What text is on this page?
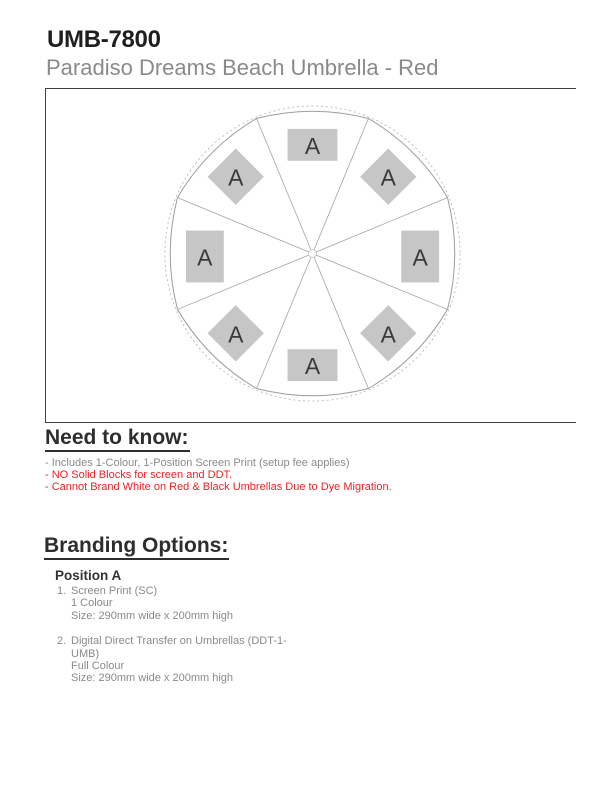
UMB-7800
Paradiso Dreams Beach Umbrella - Red
A
A
A
A
A
A
A
A
Need to know:
- Includes 1-Colour, 1-Position Screen Print (setup fee applies)
- NO Solid Blocks for screen and DDT.
- Cannot Brand White on Red & Black Umbrellas Due to Dye Migration.
Branding Options:
Position A
1. Screen Print (SC)
1 Colour
Size: 290mm wide x 200mm high
2. Digital Direct Transfer on Umbrellas (DDT-1-
UMB)
Full Colour
Size: 290mm wide x 200mm high
